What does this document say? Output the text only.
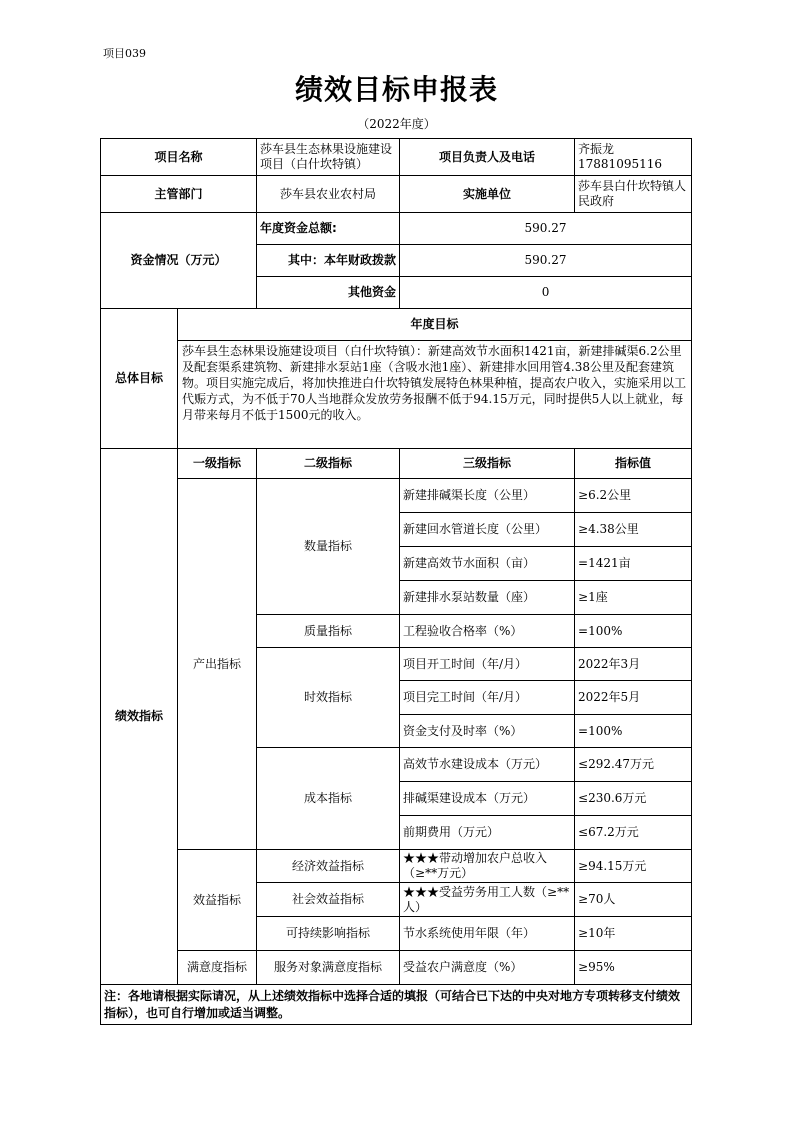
项目039
绩效目标申报表
（2022年度）
项目名称		莎车县生态林果设施建设项目（白什坎特镇）	项目负责人及电话	齐振龙17881095116
主管部门		莎车县农业农村局	实施单位	莎车县白什坎特镇人民政府
资金情况（万元）		年度资金总额:	590.27	
		其中：本年财政拨款	590.27	
		其他资金	0	
总体目标	年度目标			
	莎车县生态林果设施建设项目（白什坎特镇）：新建高效节水面积1421亩，新建排碱渠6.2公里及配套渠系建筑物、新建排水泵站1座（含吸水池1座）、新建排水回用管4.38公里及配套建筑物。项目实施完成后，将加快推进白什坎特镇发展特色林果种植，提高农户收入，实施采用以工代赈方式，为不低于70人当地群众发放劳务报酬不低于94.15万元，同时提供5人以上就业，每月带来每月不低于1500元的收入。			
绩效指标	一级指标	二级指标	三级指标	指标值
	产出指标	数量指标	新建排碱渠长度（公里）	≥6.2公里
			新建回水管道长度（公里）	≥4.38公里
			新建高效节水面积（亩）	=1421亩
			新建排水泵站数量（座）	≥1座
		质量指标	工程验收合格率（%）	=100%
		时效指标	项目开工时间（年/月）	2022年3月
			项目完工时间（年/月）	2022年5月
			资金支付及时率（%）	=100%
		成本指标	高效节水建设成本（万元）	≤292.47万元
			排碱渠建设成本（万元）	≤230.6万元
			前期费用（万元）	≤67.2万元
	效益指标	经济效益指标	★★★带动增加农户总收入（≥**万元）	≥94.15万元
		社会效益指标	★★★受益劳务用工人数（≥**人）	≥70人
		可持续影响指标	节水系统使用年限（年）	≥10年
	满意度指标	服务对象满意度指标	受益农户满意度（%）	≥95%
注：各地请根据实际请况，从上述绩效指标中选择合适的填报（可结合已下达的中央对地方专项转移支付绩效指标），也可自行增加或适当调整。				
